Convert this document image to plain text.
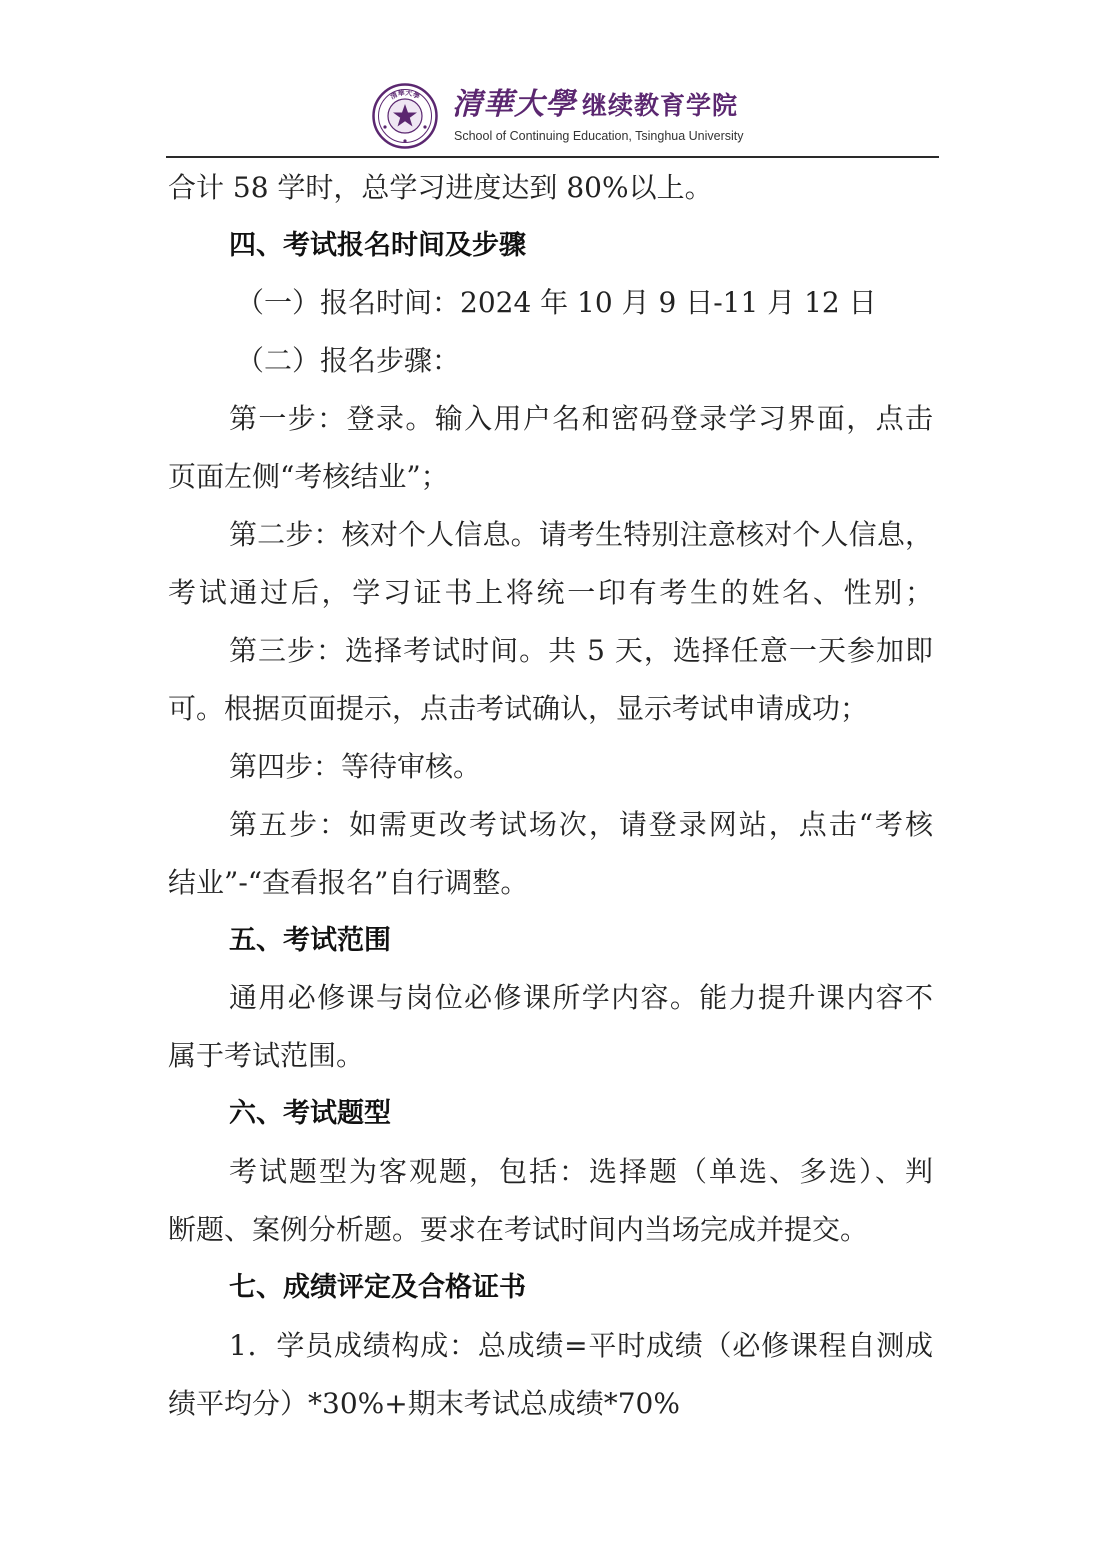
清華大學 清華大學 继续教育学院
School of Continuing Education, Tsinghua University
合计 58 学时，总学习进度达到 80%以上。
四、考试报名时间及步骤
（一）报名时间：2024 年 10 月 9 日-11 月 12 日
（二）报名步骤：
第一步：登录。输入用户名和密码登录学习界面，点击
页面左侧“考核结业”；
第二步：核对个人信息。请考生特别注意核对个人信息，
考试通过后，学习证书上将统一印有考生的姓名、性别；
第三步：选择考试时间。共 5 天，选择任意一天参加即
可。根据页面提示，点击考试确认，显示考试申请成功；
第四步：等待审核。
第五步：如需更改考试场次，请登录网站，点击“考核
结业”-“查看报名”自行调整。
五、考试范围
通用必修课与岗位必修课所学内容。能力提升课内容不
属于考试范围。
六、考试题型
考试题型为客观题，包括：选择题（单选、多选）、判
断题、案例分析题。要求在考试时间内当场完成并提交。
七、成绩评定及合格证书
1．学员成绩构成：总成绩=平时成绩（必修课程自测成
绩平均分）*30%+期末考试总成绩*70%
